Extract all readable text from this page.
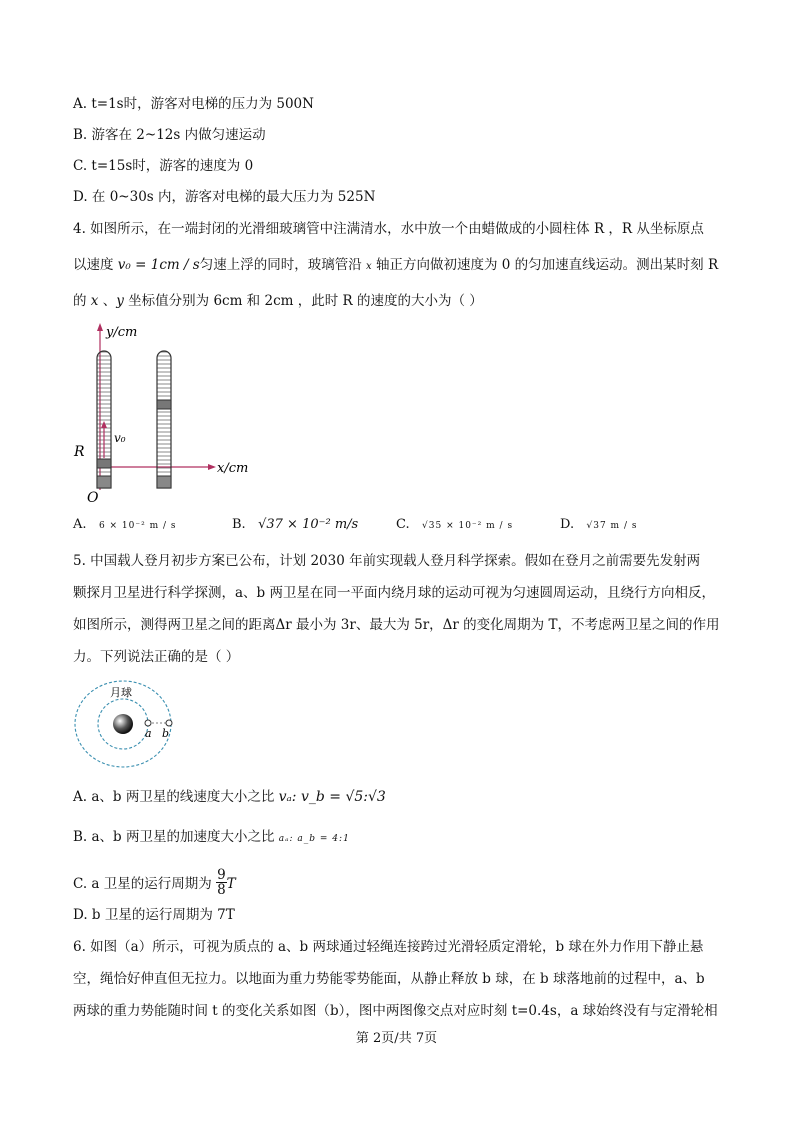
A. t=1s时，游客对电梯的压力为 500N
B. 游客在 2~12s 内做匀速运动
C. t=15s时，游客的速度为 0
D. 在 0~30s 内，游客对电梯的最大压力为 525N
4. 如图所示，在一端封闭的光滑细玻璃管中注满清水，水中放一个由蜡做成的小圆柱体 R ，R 从坐标原点
以速度 v₀ = 1cm / s匀速上浮的同时，玻璃管沿 x 轴正方向做初速度为 0 的匀加速直线运动。测出某时刻 R
的 x 、y 坐标值分别为 6cm 和 2cm ，此时 R 的速度的大小为（ ）
y/cm
x/cm
O
R
v₀
A. 6 × 10⁻² m / s	B. √37 × 10⁻² m/s	C. √35 × 10⁻² m / s	D. √37 m / s
5. 中国载人登月初步方案已公布，计划 2030 年前实现载人登月科学探索。假如在登月之前需要先发射两
颗探月卫星进行科学探测，a、b 两卫星在同一平面内绕月球的运动可视为匀速圆周运动，且绕行方向相反，
如图所示，测得两卫星之间的距离Δr 最小为 3r、最大为 5r，Δr 的变化周期为 T，不考虑两卫星之间的作用
力。下列说法正确的是（ ）
月球
a b
A. a、b 两卫星的线速度大小之比 vₐ: v_b = √5:√3
B. a、b 两卫星的加速度大小之比 aₐ: a_b = 4:1
C. a 卫星的运行周期为 $\frac{9}{8}$ T
D. b 卫星的运行周期为 7T
6. 如图（a）所示，可视为质点的 a、b 两球通过轻绳连接跨过光滑轻质定滑轮，b 球在外力作用下静止悬
空，绳恰好伸直但无拉力。以地面为重力势能零势能面，从静止释放 b 球，在 b 球落地前的过程中，a、b
两球的重力势能随时间 t 的变化关系如图（b），图中两图像交点对应时刻 t=0.4s，a 球始终没有与定滑轮相
第 2页/共 7页
